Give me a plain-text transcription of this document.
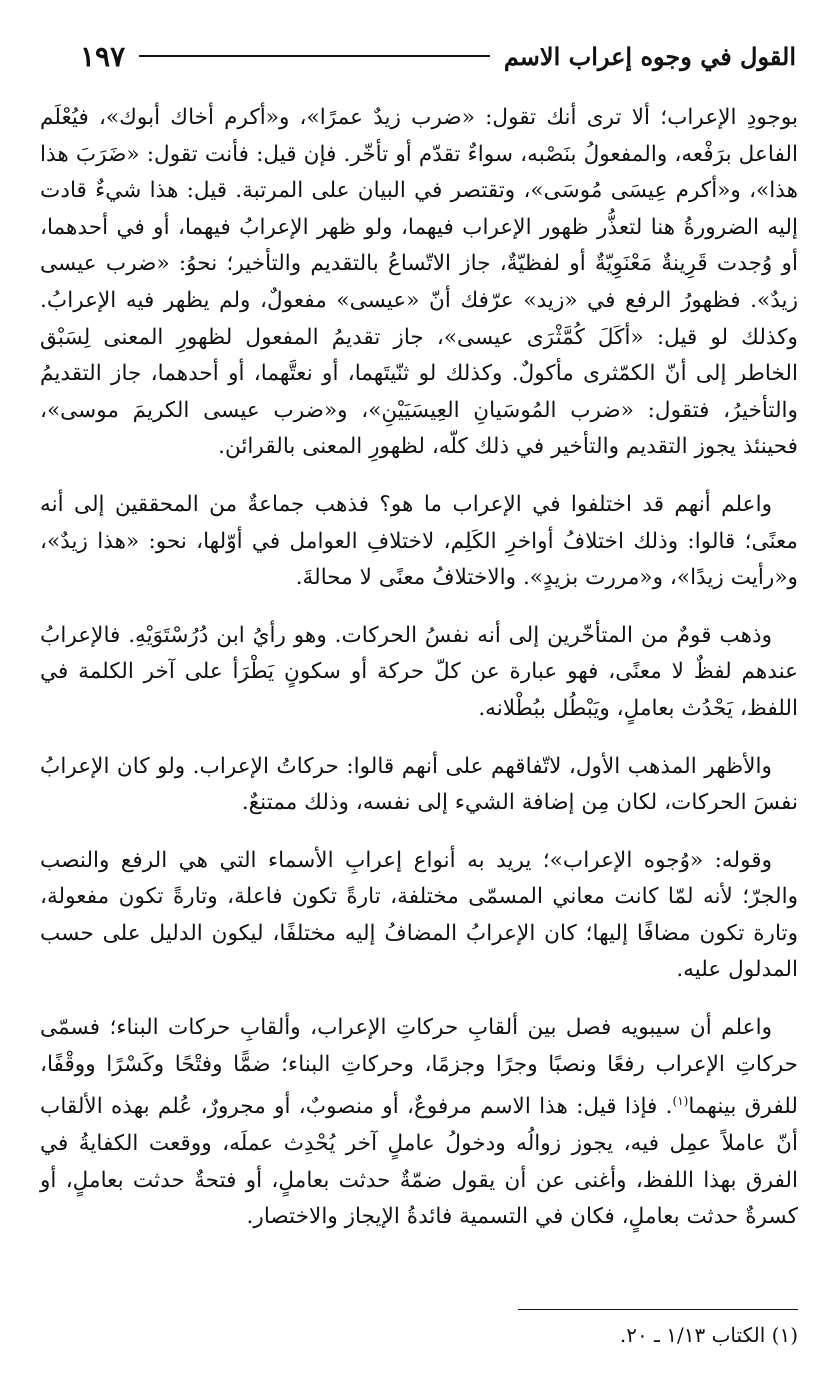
القول في وجوه إعراب الاسم
١٩٧

بوجودِ الإعراب؛ ألا ترى أنك تقول: «ضرب زيدٌ عمرًا»، و«أكرم أخاك أبوك»، فيُعْلَم الفاعل برَفْعه، والمفعولُ بنَصْبه، سواءٌ تقدّم أو تأخّر. فإن قيل: فأنت تقول: «ضَرَبَ هذا هذا»، و«أكرم عِيسَى مُوسَى»، وتقتصر في البيان على المرتبة. قيل: هذا شيءٌ قادت إليه الضرورةُ هنا لتعذُّر ظهور الإعراب فيهما، ولو ظهر الإعرابُ فيهما، أو في أحدهما، أو وُجدت قَرِينةٌ مَعْنَوِيّةٌ أو لفظيّةٌ، جاز الاتّساعُ بالتقديم والتأخير؛ نحوُ: «ضرب عيسى زيدٌ». فظهورُ الرفع في «زيد» عرّفك أنّ «عيسى» مفعولٌ، ولم يظهر فيه الإعرابُ. وكذلك لو قيل: «أكَلَ كُمَّثْرَى عيسى»، جاز تقديمُ المفعول لظهورِ المعنى لِسَبْق الخاطر إلى أنّ الكمّثرى مأكولٌ. وكذلك لو ثنّيتَهما، أو نعتَّهما، أو أحدهما، جاز التقديمُ والتأخيرُ، فتقول: «ضرب المُوسَيانِ العِيسَيَيْنِ»، و«ضرب عيسى الكريمَ موسى»، فحينئذ يجوز التقديم والتأخير في ذلك كلّه، لظهورِ المعنى بالقرائن.

واعلم أنهم قد اختلفوا في الإعراب ما هو؟ فذهب جماعةٌ من المحققين إلى أنه معنًى؛ قالوا: وذلك اختلافُ أواخرِ الكَلِم، لاختلافِ العوامل في أوّلها، نحو: «هذا زيدٌ»، و«رأيت زيدًا»، و«مررت بزيدٍ». والاختلافُ معنًى لا محالةَ.

وذهب قومٌ من المتأخّرين إلى أنه نفسُ الحركات. وهو رأيُ ابن دُرُسْتَوَيْهِ. فالإعرابُ عندهم لفظٌ لا معنًى، فهو عبارة عن كلّ حركة أو سكونٍ يَطْرَأ على آخر الكلمة في اللفظ، يَحْدُث بعاملٍ، ويَبْطُل ببُطْلانه.

والأظهر المذهب الأول، لاتّفاقهم على أنهم قالوا: حركاتُ الإعراب. ولو كان الإعرابُ نفسَ الحركات، لكان مِن إضافة الشيء إلى نفسه، وذلك ممتنعٌ.

وقوله: «وُجوه الإعراب»؛ يريد به أنواع إعرابِ الأسماء التي هي الرفع والنصب والجرّ؛ لأنه لمّا كانت معاني المسمّى مختلفة، تارةً تكون فاعلة، وتارةً تكون مفعولة، وتارة تكون مضافًا إليها؛ كان الإعرابُ المضافُ إليه مختلفًا، ليكون الدليل على حسب المدلول عليه.

واعلم أن سيبويه فصل بين ألقابِ حركاتِ الإعراب، وألقابِ حركات البناء؛ فسمّى حركاتِ الإعراب رفعًا ونصبًا وجرًا وجزمًا، وحركاتِ البناء؛ ضمًّا وفتْحًا وكَسْرًا ووقْفًا، للفرق بينهما$^{(١)}$. فإذا قيل: هذا الاسم مرفوعٌ، أو منصوبٌ، أو مجرورٌ، عُلم بهذه الألقاب أنّ عاملاً عمِل فيه، يجوز زوالُه ودخولُ عاملٍ آخر يُحْدِث عملَه، ووقعت الكفايةُ في الفرق بهذا اللفظ، وأغنى عن أن يقول ضمّةٌ حدثت بعاملٍ، أو فتحةٌ حدثت بعاملٍ، أو كسرةٌ حدثت بعاملٍ، فكان في التسمية فائدةُ الإيجاز والاختصار.

(١) الكتاب ١/١٣ ـ ٢٠.
